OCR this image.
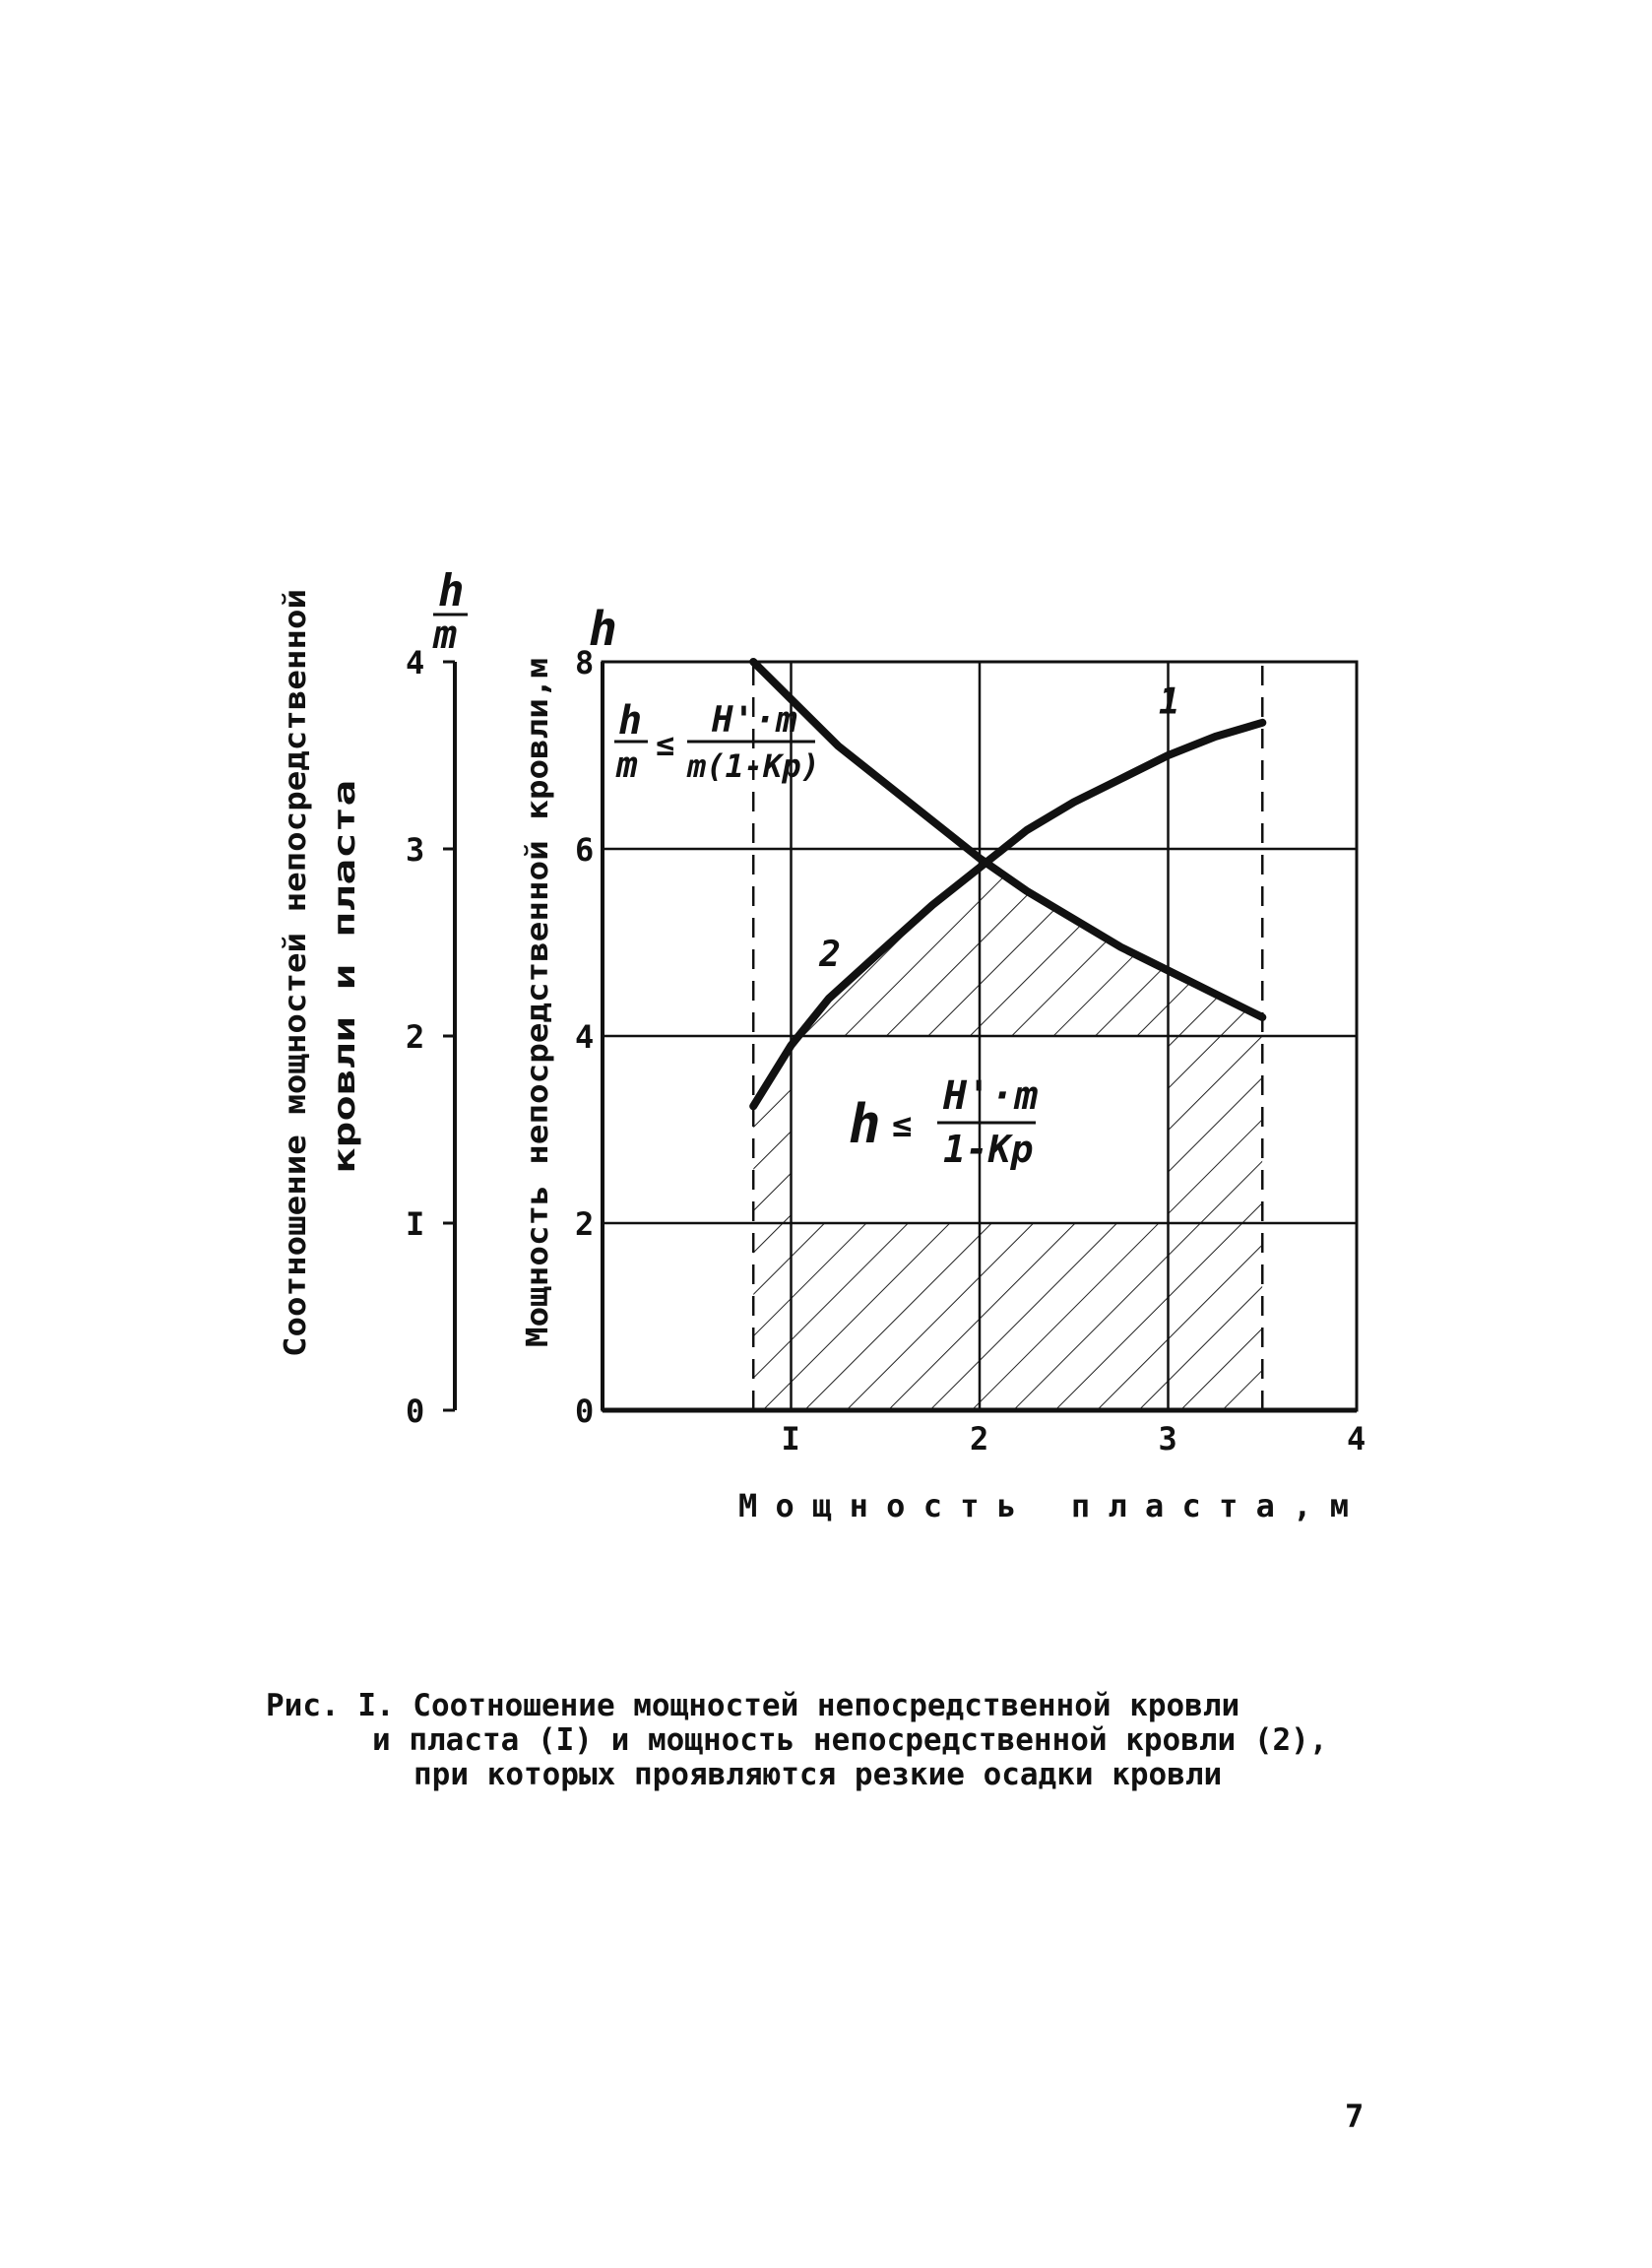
1
2
0
2
4
6
8
I	2	3	4
0
I
2
3
4
h
m	h
Соотношение мощностей непосредственной кровли и пласта	Мощность непосредственной кровли,м
Мощность пласта,м
h
m
≤
H'·m
m(1-Kp)
h ≤
H'·m
1-Kp
Рис. I. Соотношение мощностей непосредственной кровли

и пласта (I) и мощность непосредственной кровли (2),
при которых проявляются резкие осадки кровли
7
